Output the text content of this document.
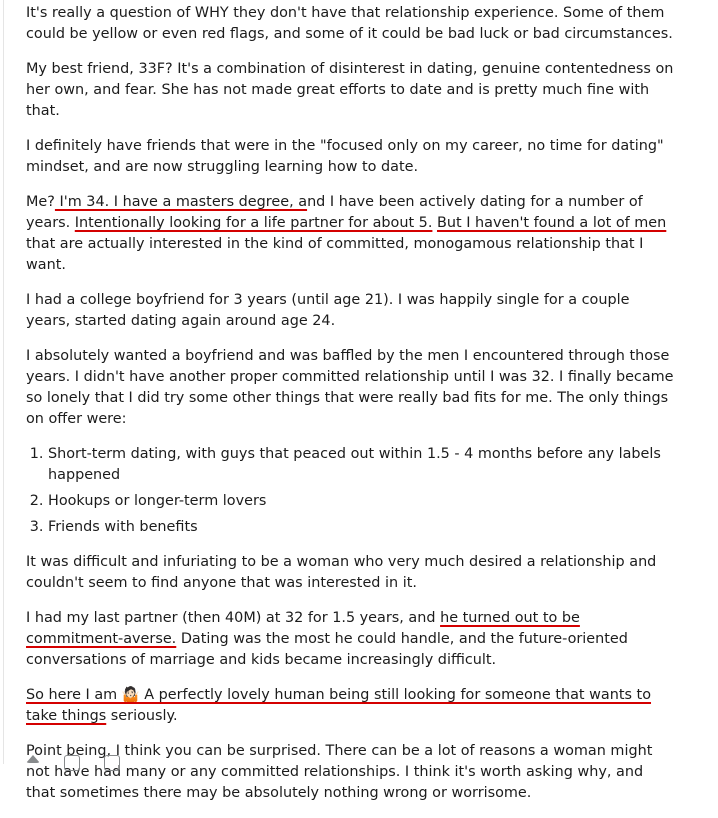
It's really a question of WHY they don't have that relationship experience. Some of them could be yellow or even red flags, and some of it could be bad luck or bad circumstances.

My best friend, 33F? It's a combination of disinterest in dating, genuine contentedness on her own, and fear. She has not made great efforts to date and is pretty much fine with that.

I definitely have friends that were in the "focused only on my career, no time for dating" mindset, and are now struggling learning how to date.

Me? I'm 34. I have a masters degree, and I have been actively dating for a number of years. Intentionally looking for a life partner for about 5. But I haven't found a lot of men that are actually interested in the kind of committed, monogamous relationship that I want.

I had a college boyfriend for 3 years (until age 21). I was happily single for a couple years, started dating again around age 24.

I absolutely wanted a boyfriend and was baffled by the men I encountered through those years. I didn't have another proper committed relationship until I was 32. I finally became so lonely that I did try some other things that were really bad fits for me. The only things on offer were:

1. Short-term dating, with guys that peaced out within 1.5 - 4 months before any labels happened
2. Hookups or longer-term lovers
3. Friends with benefits

It was difficult and infuriating to be a woman who very much desired a relationship and couldn't seem to find anyone that was interested in it.

I had my last partner (then 40M) at 32 for 1.5 years, and he turned out to be commitment-averse. Dating was the most he could handle, and the future-oriented conversations of marriage and kids became increasingly difficult.

So here I am 🤷🏻 A perfectly lovely human being still looking for someone that wants to take things seriously.

Point being, I think you can be surprised. There can be a lot of reasons a woman might not have had many or any committed relationships. I think it's worth asking why, and that sometimes there may be absolutely nothing wrong or worrisome.
